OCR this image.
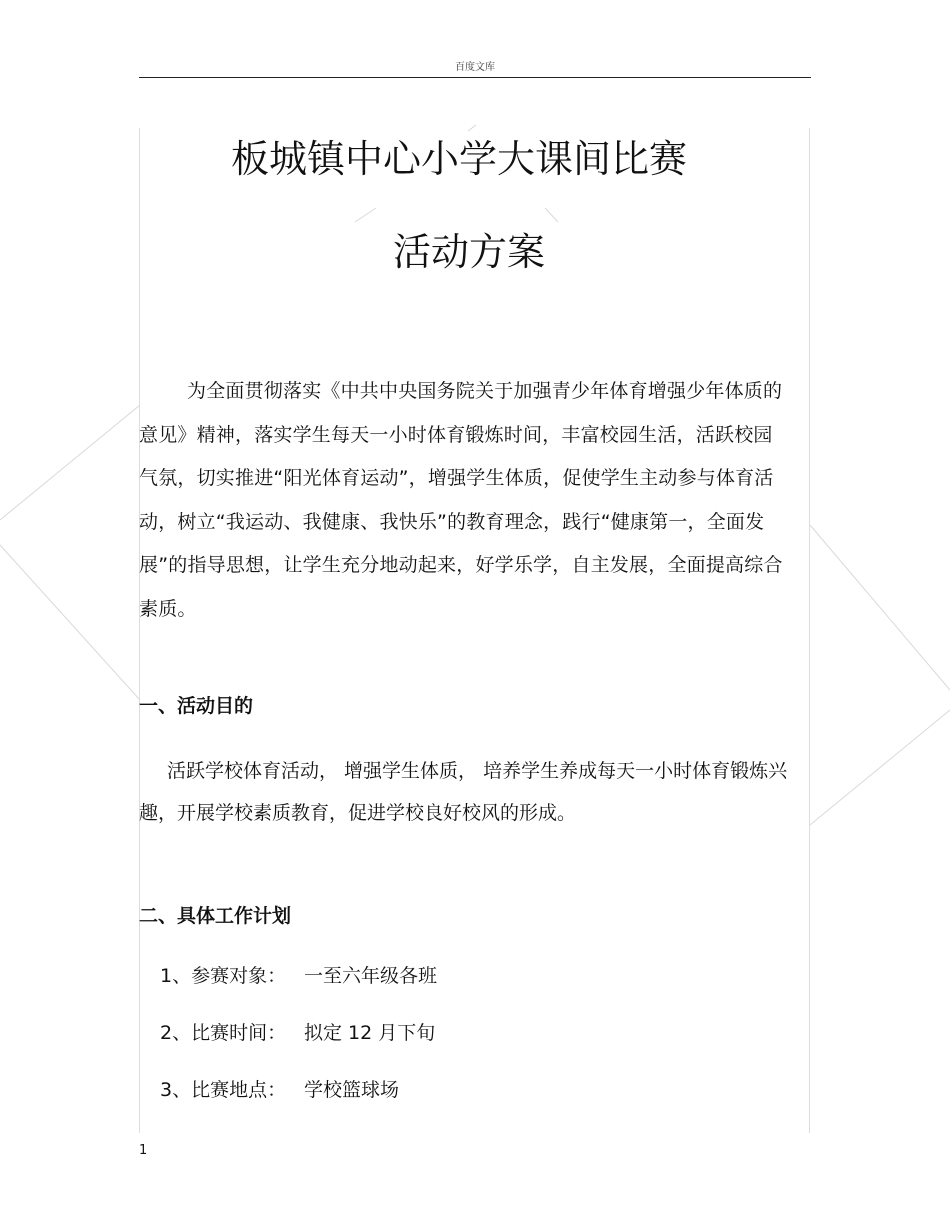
百度文库
板城镇中心小学大课间比赛
活动方案

为全面贯彻落实《中共中央国务院关于加强青少年体育增强少年体质的意见》精神，落实学生每天一小时体育锻炼时间，丰富校园生活，活跃校园气氛，切实推进“阳光体育运动”，增强学生体质，促使学生主动参与体育活动，树立“我运动、我健康、我快乐”的教育理念，践行“健康第一，全面发展”的指导思想，让学生充分地动起来，好学乐学，自主发展，全面提高综合素质。

一、活动目的

活跃学校体育活动， 增强学生体质， 培养学生养成每天一小时体育锻炼兴趣，开展学校素质教育，促进学校良好校风的形成。

二、具体工作计划
1、参赛对象： 一至六年级各班
2、比赛时间： 拟定 12 月下旬
3、比赛地点： 学校篮球场
1
